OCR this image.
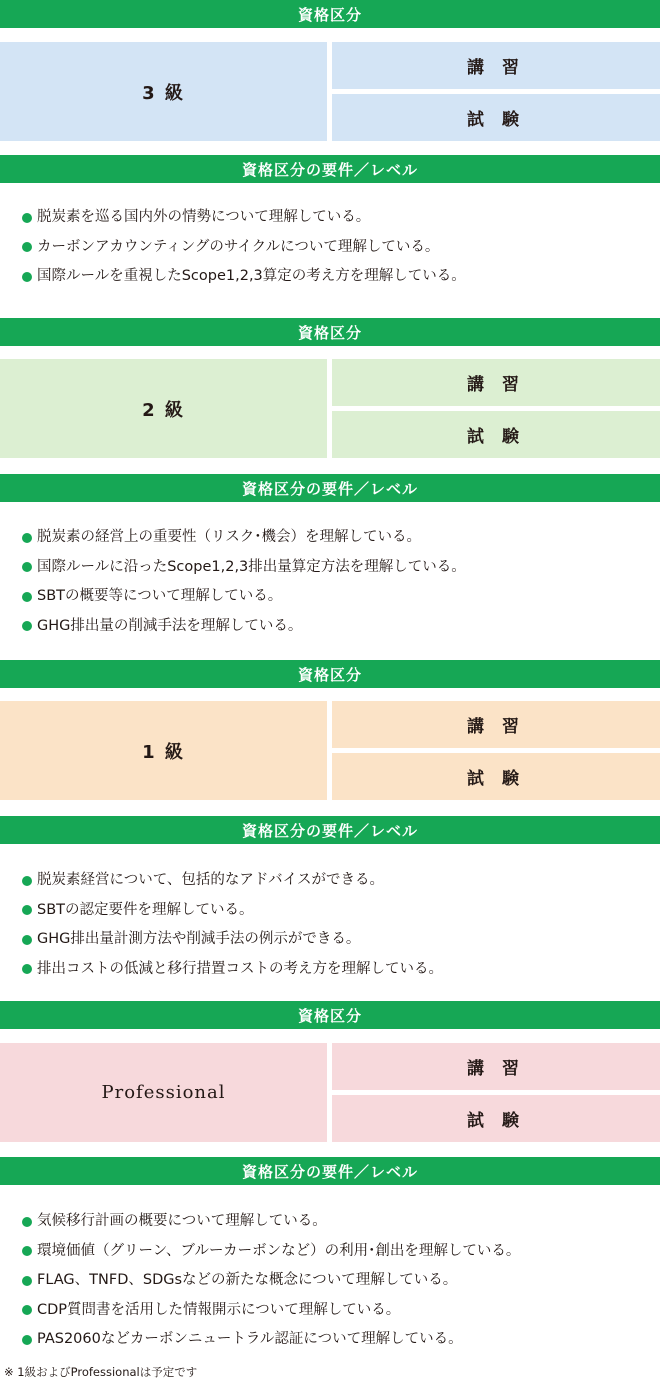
資格区分
3 級
講 習
試 験
資格区分の要件／レベル
脱炭素を巡る国内外の情勢について理解している。
カーボンアカウンティングのサイクルについて理解している。
国際ルールを重視したScope1,2,3算定の考え方を理解している。
資格区分
2 級
講 習
試 験
資格区分の要件／レベル
脱炭素の経営上の重要性（リスク･機会）を理解している。
国際ルールに沿ったScope1,2,3排出量算定方法を理解している。
SBTの概要等について理解している。
GHG排出量の削減手法を理解している。
資格区分
1 級
講 習
試 験
資格区分の要件／レベル
脱炭素経営について、包括的なアドバイスができる。
SBTの認定要件を理解している。
GHG排出量計測方法や削減手法の例示ができる。
排出コストの低減と移行措置コストの考え方を理解している。
資格区分
Professional
講 習
試 験
資格区分の要件／レベル
気候移行計画の概要について理解している。
環境価値（グリーン、ブルーカーボンなど）の利用･創出を理解している。
FLAG、TNFD、SDGsなどの新たな概念について理解している。
CDP質問書を活用した情報開示について理解している。
PAS2060などカーボンニュートラル認証について理解している。
※ 1級およびProfessionalは予定です
